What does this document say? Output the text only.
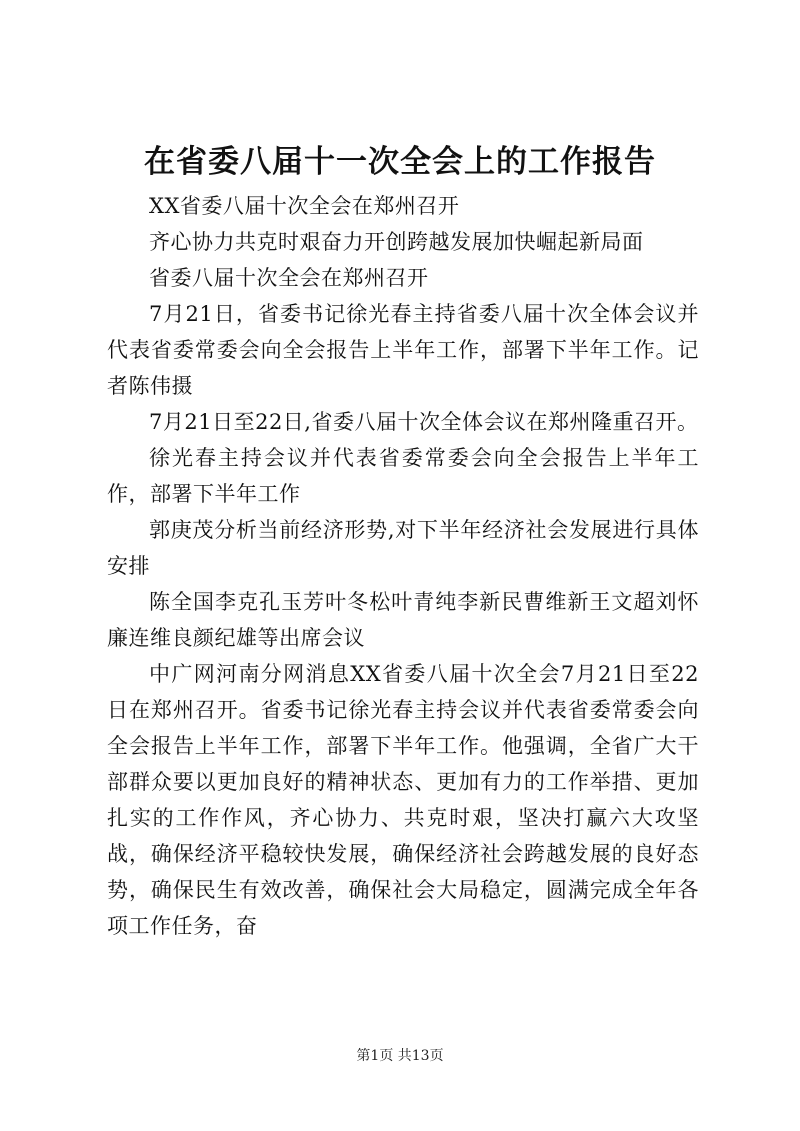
在省委八届十一次全会上的工作报告

XX省委八届十次全会在郑州召开

齐心协力共克时艰奋力开创跨越发展加快崛起新局面

省委八届十次全会在郑州召开

7月21日，省委书记徐光春主持省委八届十次全体会议并代表省委常委会向全会报告上半年工作，部署下半年工作。记者陈伟摄

7月21日至22日,省委八届十次全体会议在郑州隆重召开。

徐光春主持会议并代表省委常委会向全会报告上半年工作，部署下半年工作

郭庚茂分析当前经济形势,对下半年经济社会发展进行具体安排

陈全国李克孔玉芳叶冬松叶青纯李新民曹维新王文超刘怀廉连维良颜纪雄等出席会议

中广网河南分网消息XX省委八届十次全会7月21日至22日在郑州召开。省委书记徐光春主持会议并代表省委常委会向全会报告上半年工作，部署下半年工作。他强调，全省广大干部群众要以更加良好的精神状态、更加有力的工作举措、更加扎实的工作作风，齐心协力、共克时艰，坚决打赢六大攻坚战，确保经济平稳较快发展，确保经济社会跨越发展的良好态势，确保民生有效改善，确保社会大局稳定，圆满完成全年各项工作任务，奋

第1页 共13页
